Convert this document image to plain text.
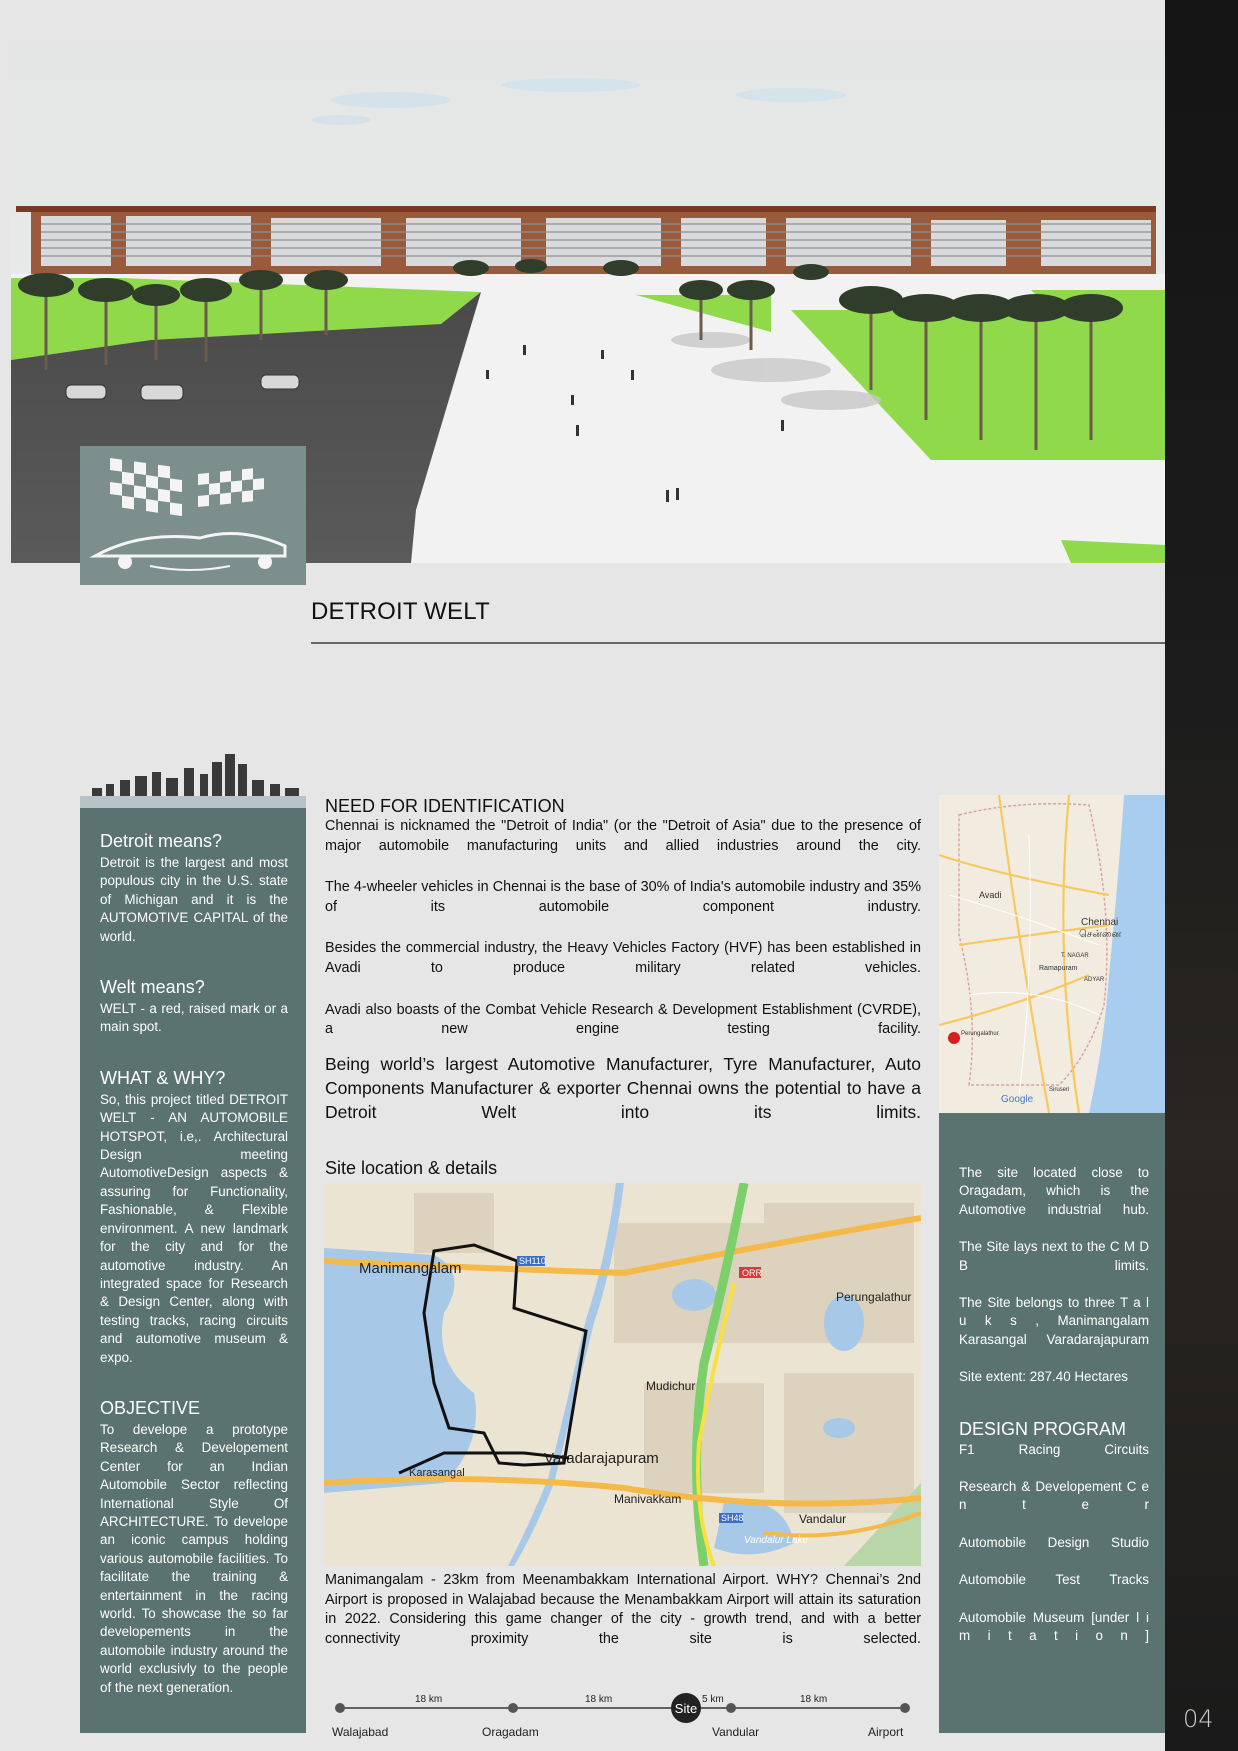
04
DETROIT WELT
Detroit means?
Detroit is the largest and most populous city in the U.S. state of Michigan and it is the AUTOMOTIVE CAPITAL of the world.
Welt means?
WELT - a red, raised mark or a main spot.
WHAT & WHY?
So, this project titled DETROIT WELT - AN AUTOMOBILE HOTSPOT, i.e,. Architectural Design meeting AutomotiveDesign aspects & assuring for Functionality, Fashionable, & Flexible environment. A new landmark for the city and for the automotive industry. An integrated space for Research & Design Center, along with testing tracks, racing circuits and automotive museum & expo.
OBJECTIVE
To develope a prototype Research & Developement Center for an Indian Automobile Sector reflecting International Style Of ARCHITECTURE. To develope an iconic campus holding various automobile facilities. To facilitate the training & entertainment in the racing world. To showcase the so far developements in the automobile industry around the world exclusivly to the people of the next generation.
NEED FOR IDENTIFICATION
Chennai is nicknamed the "Detroit of India" (or the "Detroit of Asia" due to the presence of major automobile manufacturing units and allied industries around the city.
The 4-wheeler vehicles in Chennai is the base of 30% of India's automobile industry and 35% of its automobile component industry.
Besides the commercial industry, the Heavy Vehicles Factory (HVF) has been established in Avadi to produce military related vehicles.
Avadi also boasts of the Combat Vehicle Research & Development Establishment (CVRDE), a new engine testing facility.
Being world’s largest Automotive Manufacturer, Tyre Manufacturer, Auto Components Manufacturer & exporter Chennai owns the potential to have a Detroit Welt into its limits.
Site location & details
Manimangalam
Perungalathur
Mudichur
Varadarajapuram
Karasangal
Manivakkam
Vandalur
Vandalur Lake
ORR
SH110
SH48
Manimangalam - 23km from Meenambakkam International Airport. WHY? Chennai’s 2nd Airport is proposed in Walajabad because the Menambakkam Airport will attain its saturation in 2022. Considering this game changer of the city - growth trend, and with a better connectivity proximity the site is selected.
Site
Walajabad	Oragadam	Vandular	Airport
18 km	18 km	5 km	18 km
Avadi
Chennai
சென்னை
T. NAGAR
Ramapuram
ADYAR
Perungalathur
Siruseri
Google
The site located close to Oragadam, which is the Automotive industrial hub.
The Site lays next to the C M D B limits.
The Site belongs to three T a l u k s , Manimangalam Karasangal Varadarajapuram
Site extent: 287.40 Hectares
DESIGN PROGRAM
F1 Racing Circuits
Research & Developement C e n t e r
Automobile Design Studio
Automobile Test Tracks
Automobile Museum [under l i m i t a t i o n ]
